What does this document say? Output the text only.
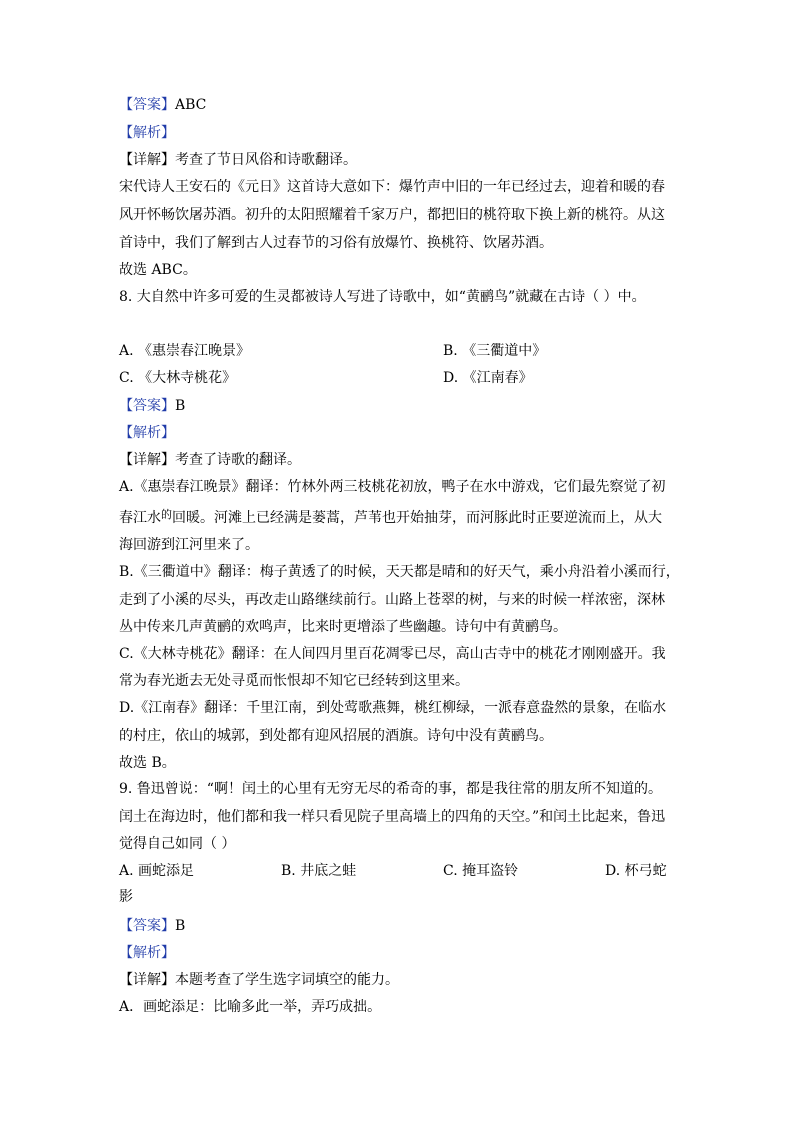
【答案】ABC
【解析】
【详解】考查了节日风俗和诗歌翻译。
宋代诗人王安石的《元日》这首诗大意如下：爆竹声中旧的一年已经过去，迎着和暖的春
风开怀畅饮屠苏酒。初升的太阳照耀着千家万户，都把旧的桃符取下换上新的桃符。从这
首诗中，我们了解到古人过春节的习俗有放爆竹、换桃符、饮屠苏酒。
故选 ABC。
8. 大自然中许多可爱的生灵都被诗人写进了诗歌中，如“黄鹂鸟”就藏在古诗（ ）中。
A. 《惠崇春江晚景》	B. 《三衢道中》
C. 《大林寺桃花》	D. 《江南春》
【答案】B
【解析】
【详解】考查了诗歌的翻译。
A.《惠崇春江晚景》翻译：竹林外两三枝桃花初放，鸭子在水中游戏，它们最先察觉了初
春江水$^的$回暖。河滩上已经满是蒌蒿，芦苇也开始抽芽，而河豚此时正要逆流而上，从大
海回游到江河里来了。
B.《三衢道中》翻译：梅子黄透了的时候，天天都是晴和的好天气，乘小舟沿着小溪而行，
走到了小溪的尽头，再改走山路继续前行。山路上苍翠的树，与来的时候一样浓密，深林
丛中传来几声黄鹂的欢鸣声，比来时更增添了些幽趣。诗句中有黄鹂鸟。
C.《大林寺桃花》翻译：在人间四月里百花凋零已尽，高山古寺中的桃花才刚刚盛开。我
常为春光逝去无处寻觅而怅恨却不知它已经转到这里来。
D.《江南春》翻译：千里江南，到处莺歌燕舞，桃红柳绿，一派春意盎然的景象，在临水
的村庄，依山的城郭，到处都有迎风招展的酒旗。诗句中没有黄鹂鸟。
故选 B。
9. 鲁迅曾说：“啊！闰土的心里有无穷无尽的希奇的事，都是我往常的朋友所不知道的。
闰土在海边时，他们都和我一样只看见院子里高墙上的四角的天空。”和闰土比起来，鲁迅
觉得自己如同（ ）
A. 画蛇添足	B. 井底之蛙	C. 掩耳盗铃	D. 杯弓蛇
影
【答案】B
【解析】
【详解】本题考查了学生选字词填空的能力。
A．画蛇添足：比喻多此一举，弄巧成拙。
